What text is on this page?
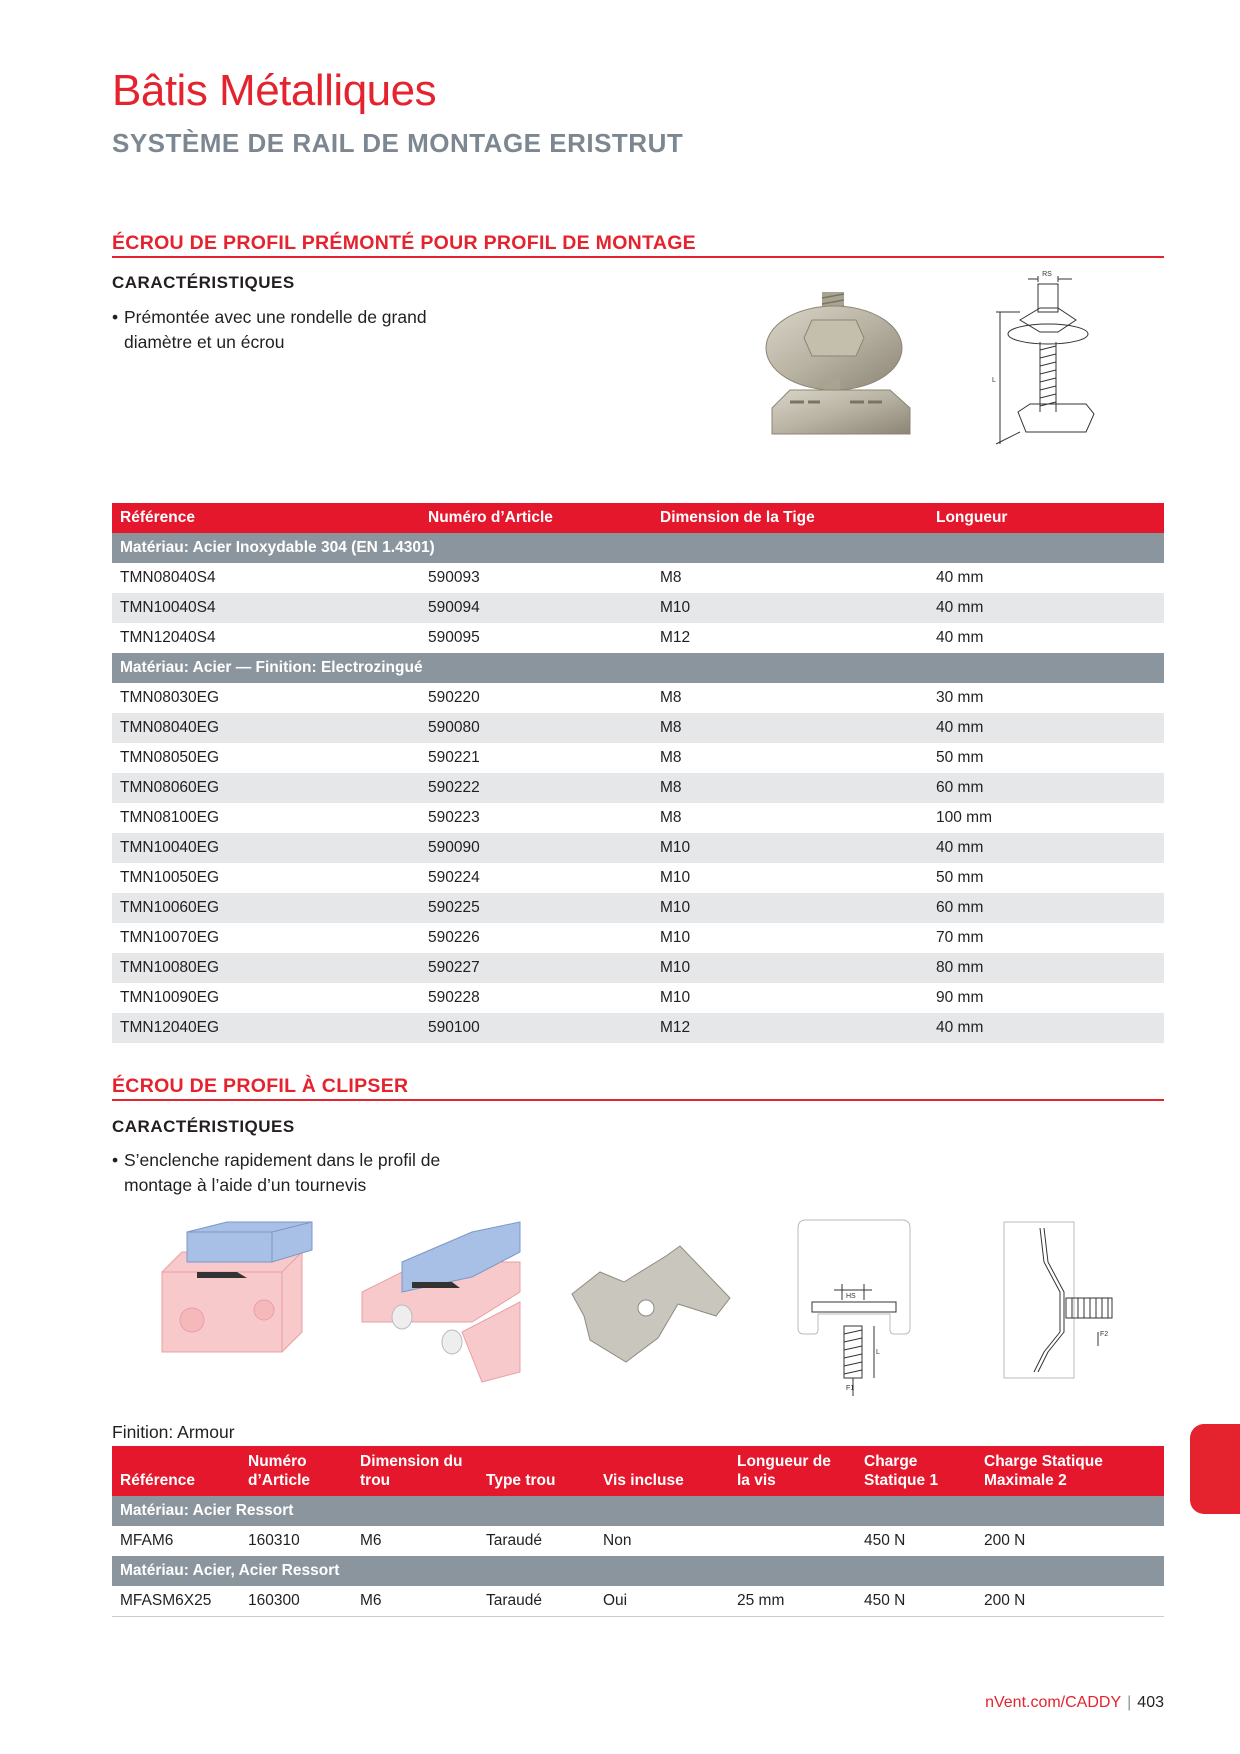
Bâtis Métalliques
SYSTÈME DE RAIL DE MONTAGE ERISTRUT
ÉCROU DE PROFIL PRÉMONTÉ POUR PROFIL DE MONTAGE
CARACTÉRISTIQUES
• Prémontée avec une rondelle de grand diamètre et un écrou
RS
L
Référence	Numéro d’Article	Dimension de la Tige	Longueur
Matériau: Acier Inoxydable 304 (EN 1.4301)			
TMN08040S4	590093	M8	40 mm
TMN10040S4	590094	M10	40 mm
TMN12040S4	590095	M12	40 mm
Matériau: Acier — Finition: Electrozingué			
TMN08030EG	590220	M8	30 mm
TMN08040EG	590080	M8	40 mm
TMN08050EG	590221	M8	50 mm
TMN08060EG	590222	M8	60 mm
TMN08100EG	590223	M8	100 mm
TMN10040EG	590090	M10	40 mm
TMN10050EG	590224	M10	50 mm
TMN10060EG	590225	M10	60 mm
TMN10070EG	590226	M10	70 mm
TMN10080EG	590227	M10	80 mm
TMN10090EG	590228	M10	90 mm
TMN12040EG	590100	M12	40 mm
ÉCROU DE PROFIL À CLIPSER
CARACTÉRISTIQUES
• S’enclenche rapidement dans le profil de montage à l’aide d’un tournevis
HS
L
F1
F2
Finition: Armour
Référence	Numéro d’Article	Dimension du trou	Type trou	Vis incluse	Longueur de la vis	Charge Statique 1	Charge Statique Maximale 2
Matériau: Acier Ressort							
MFAM6	160310	M6	Taraudé	Non		450 N	200 N
Matériau: Acier, Acier Ressort							
MFASM6X25	160300	M6	Taraudé	Oui	25 mm	450 N	200 N
nVent.com/CADDY | 403
